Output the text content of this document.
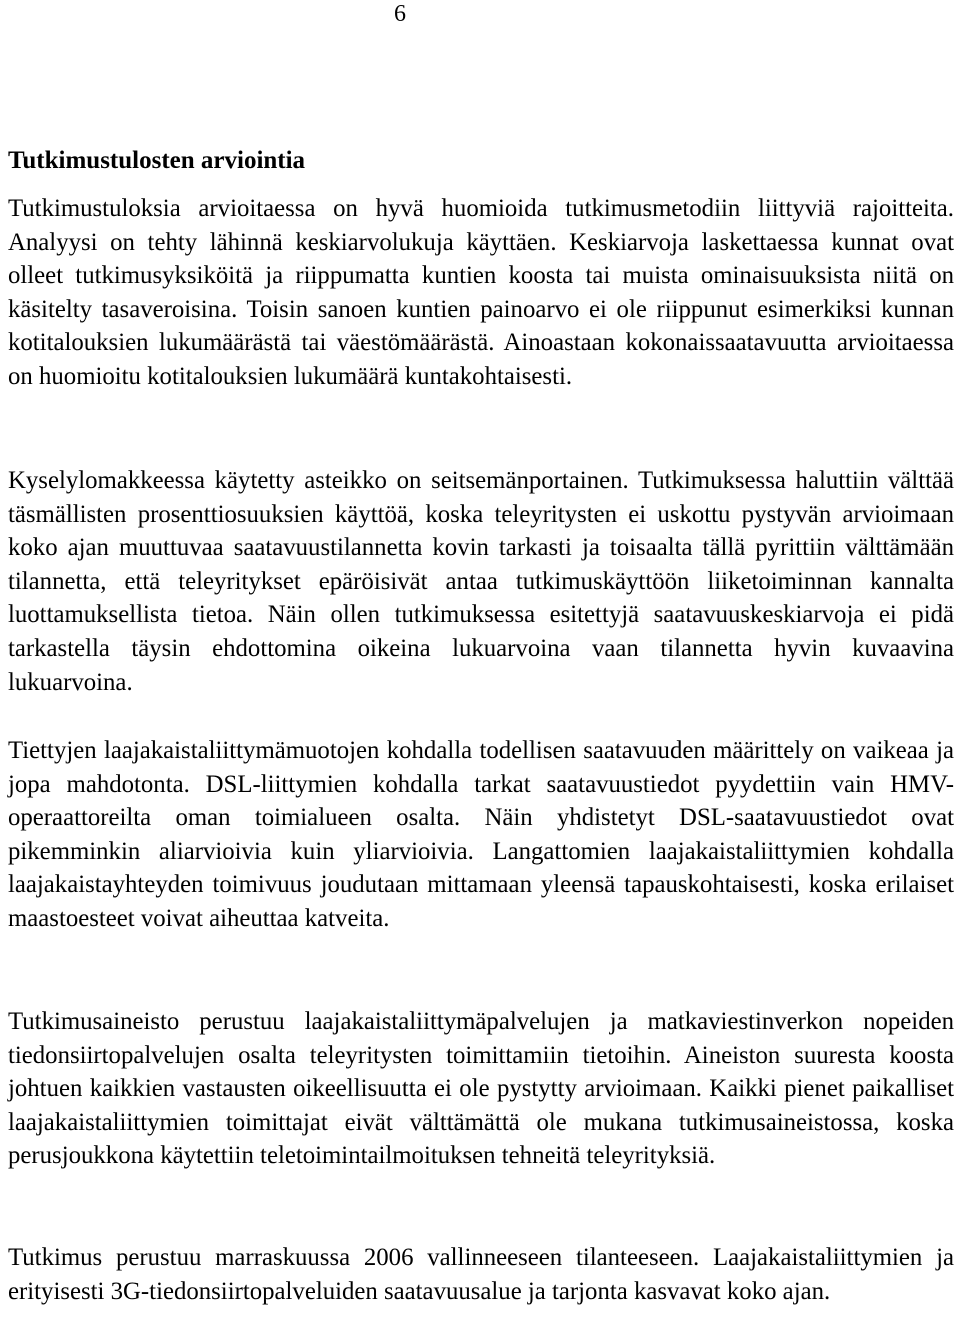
6
Tutkimustulosten arviointia

Tutkimustuloksia arvioitaessa on hyvä huomioida tutkimusmetodiin liittyviä rajoitteita. Analyysi on tehty lähinnä keskiarvolukuja käyttäen. Keskiarvoja laskettaessa kunnat ovat olleet tutkimusyksiköitä ja riippumatta kuntien koosta tai muista ominaisuuksista niitä on käsitelty tasaveroisina. Toisin sanoen kuntien painoarvo ei ole riippunut esimerkiksi kunnan kotitalouksien lukumäärästä tai väestömäärästä. Ainoastaan kokonaissaatavuutta arvioitaessa on huomioitu kotitalouksien lukumäärä kuntakohtaisesti.

Kyselylomakkeessa käytetty asteikko on seitsemänportainen. Tutkimuksessa haluttiin välttää täsmällisten prosenttiosuuksien käyttöä, koska teleyritysten ei uskottu pystyvän arvioimaan koko ajan muuttuvaa saatavuustilannetta kovin tarkasti ja toisaalta tällä pyrittiin välttämään tilannetta, että teleyritykset epäröisivät antaa tutkimuskäyttöön liiketoiminnan kannalta luottamuksellista tietoa. Näin ollen tutkimuksessa esitettyjä saatavuuskeskiarvoja ei pidä tarkastella täysin ehdottomina oikeina lukuarvoina vaan tilannetta hyvin kuvaavina lukuarvoina.

Tiettyjen laajakaistaliittymämuotojen kohdalla todellisen saatavuuden määrittely on vaikeaa ja jopa mahdotonta. DSL-liittymien kohdalla tarkat saatavuustiedot pyydettiin vain HMV-operaattoreilta oman toimialueen osalta. Näin yhdistetyt DSL-saatavuustiedot ovat pikemminkin aliarvioivia kuin yliarvioivia. Langattomien laajakaistaliittymien kohdalla laajakaistayhteyden toimivuus joudutaan mittamaan yleensä tapauskohtaisesti, koska erilaiset maastoesteet voivat aiheuttaa katveita.

Tutkimusaineisto perustuu laajakaistaliittymäpalvelujen ja matkaviestinverkon nopeiden tiedonsiirtopalvelujen osalta teleyritysten toimittamiin tietoihin. Aineiston suuresta koosta johtuen kaikkien vastausten oikeellisuutta ei ole pystytty arvioimaan. Kaikki pienet paikalliset laajakaistaliittymien toimittajat eivät välttämättä ole mukana tutkimusaineistossa, koska perusjoukkona käytettiin teletoimintailmoituksen tehneitä teleyrityksiä.

Tutkimus perustuu marraskuussa 2006 vallinneeseen tilanteeseen. Laajakaistaliittymien ja erityisesti 3G-tiedonsiirtopalveluiden saatavuusalue ja tarjonta kasvavat koko ajan.
